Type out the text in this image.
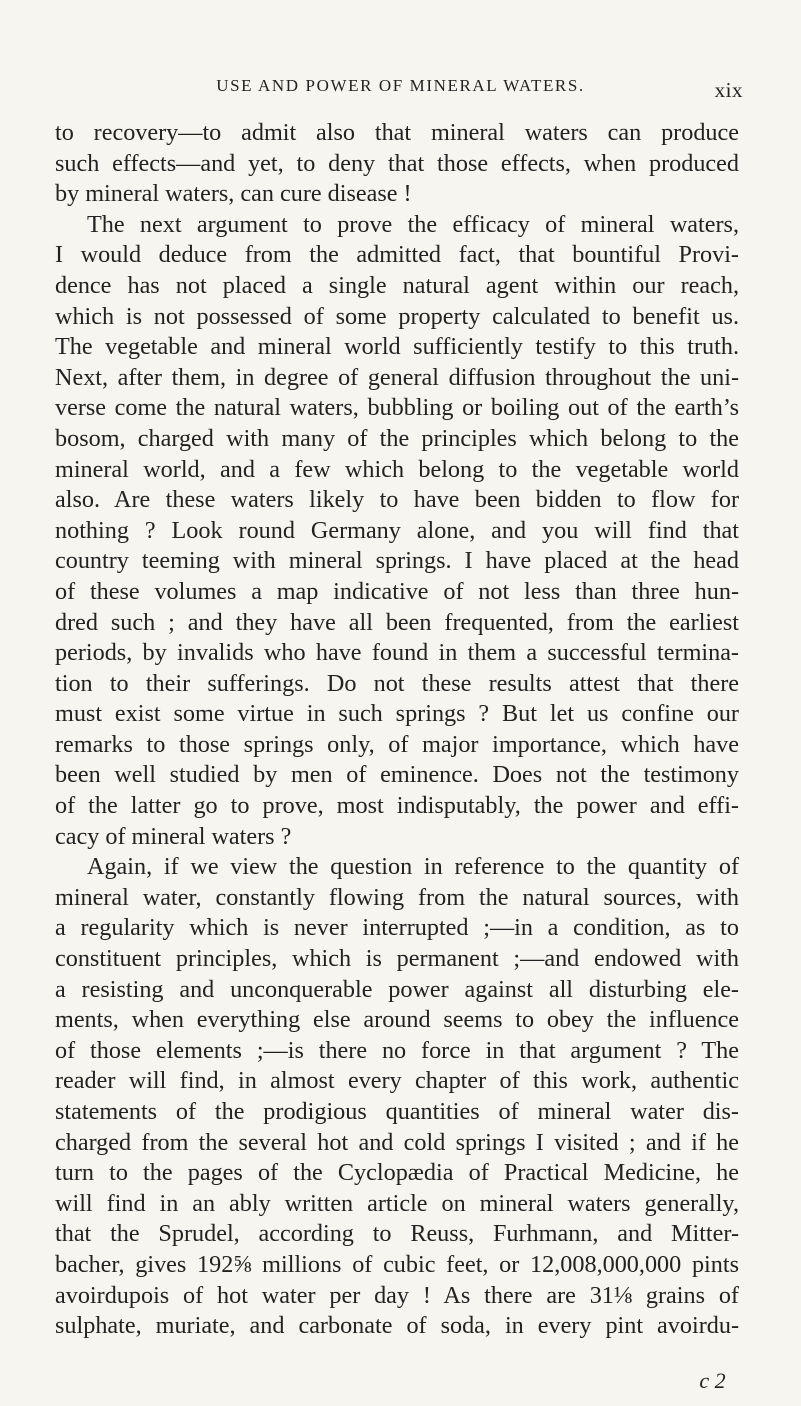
USE AND POWER OF MINERAL WATERS.	xix
to recovery—to admit also that mineral waters can produce
such effects—and yet, to deny that those effects, when produced
by mineral waters, can cure disease !
The next argument to prove the efficacy of mineral waters,
I would deduce from the admitted fact, that bountiful Provi-
dence has not placed a single natural agent within our reach,
which is not possessed of some property calculated to benefit us.
The vegetable and mineral world sufficiently testify to this truth.
Next, after them, in degree of general diffusion throughout the uni-
verse come the natural waters, bubbling or boiling out of the earth’s
bosom, charged with many of the principles which belong to the
mineral world, and a few which belong to the vegetable world
also. Are these waters likely to have been bidden to flow for
nothing ? Look round Germany alone, and you will find that
country teeming with mineral springs. I have placed at the head
of these volumes a map indicative of not less than three hun-
dred such ; and they have all been frequented, from the earliest
periods, by invalids who have found in them a successful termina-
tion to their sufferings. Do not these results attest that there
must exist some virtue in such springs ? But let us confine our
remarks to those springs only, of major importance, which have
been well studied by men of eminence. Does not the testimony
of the latter go to prove, most indisputably, the power and effi-
cacy of mineral waters ?
Again, if we view the question in reference to the quantity of
mineral water, constantly flowing from the natural sources, with
a regularity which is never interrupted ;—in a condition, as to
constituent principles, which is permanent ;—and endowed with
a resisting and unconquerable power against all disturbing ele-
ments, when everything else around seems to obey the influence
of those elements ;—is there no force in that argument ? The
reader will find, in almost every chapter of this work, authentic
statements of the prodigious quantities of mineral water dis-
charged from the several hot and cold springs I visited ; and if he
turn to the pages of the Cyclopædia of Practical Medicine, he
will find in an ably written article on mineral waters generally,
that the Sprudel, according to Reuss, Furhmann, and Mitter-
bacher, gives 192⅝ millions of cubic feet, or 12,008,000,000 pints
avoirdupois of hot water per day ! As there are 31⅛ grains of
sulphate, muriate, and carbonate of soda, in every pint avoirdu-
c 2
